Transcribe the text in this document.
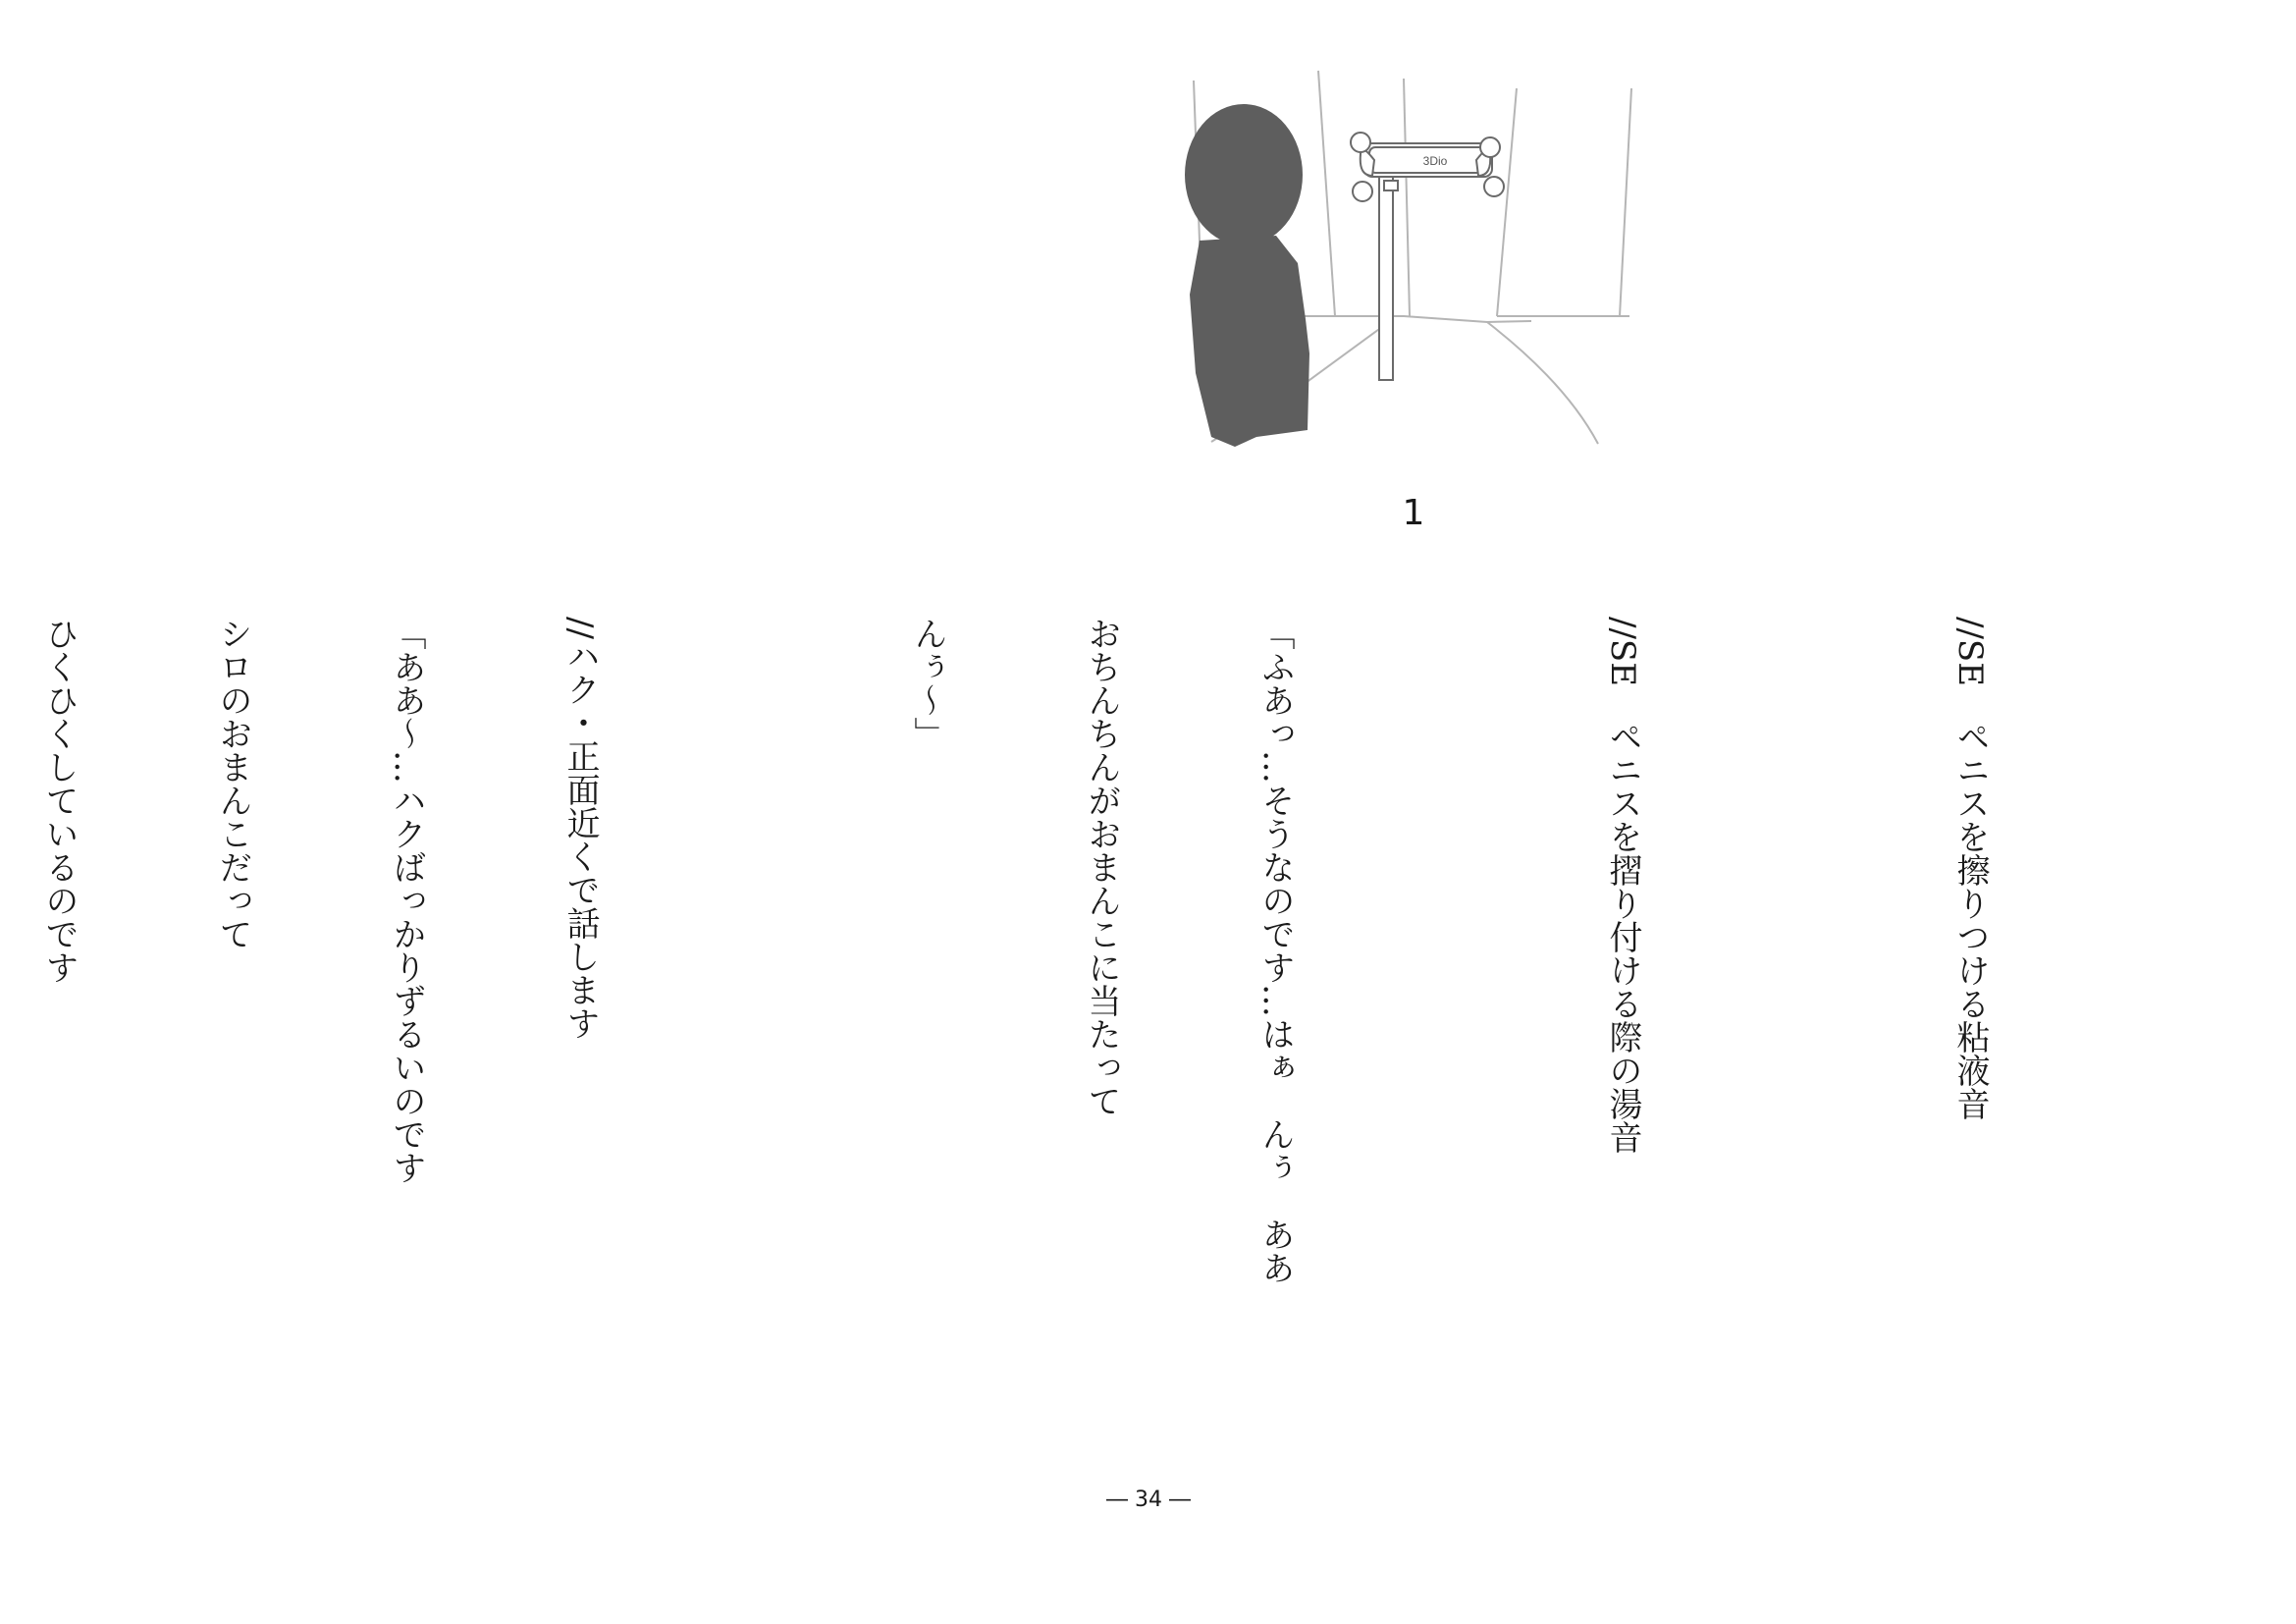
3Dio
1

//SE　ペニスを擦りつける粘液音

//SE　ペニスを摺り付ける際の湯音

「ふあっ…そうなのです…はぁ　んぅ　ああ

おちんちんがおまんこに当たって

んぅ～」

//ハク・正面近くで話します

「ああ～…ハクばっかりずるいのです

シロのおまんこだって

ひくひくしているのです

― 34 ―
